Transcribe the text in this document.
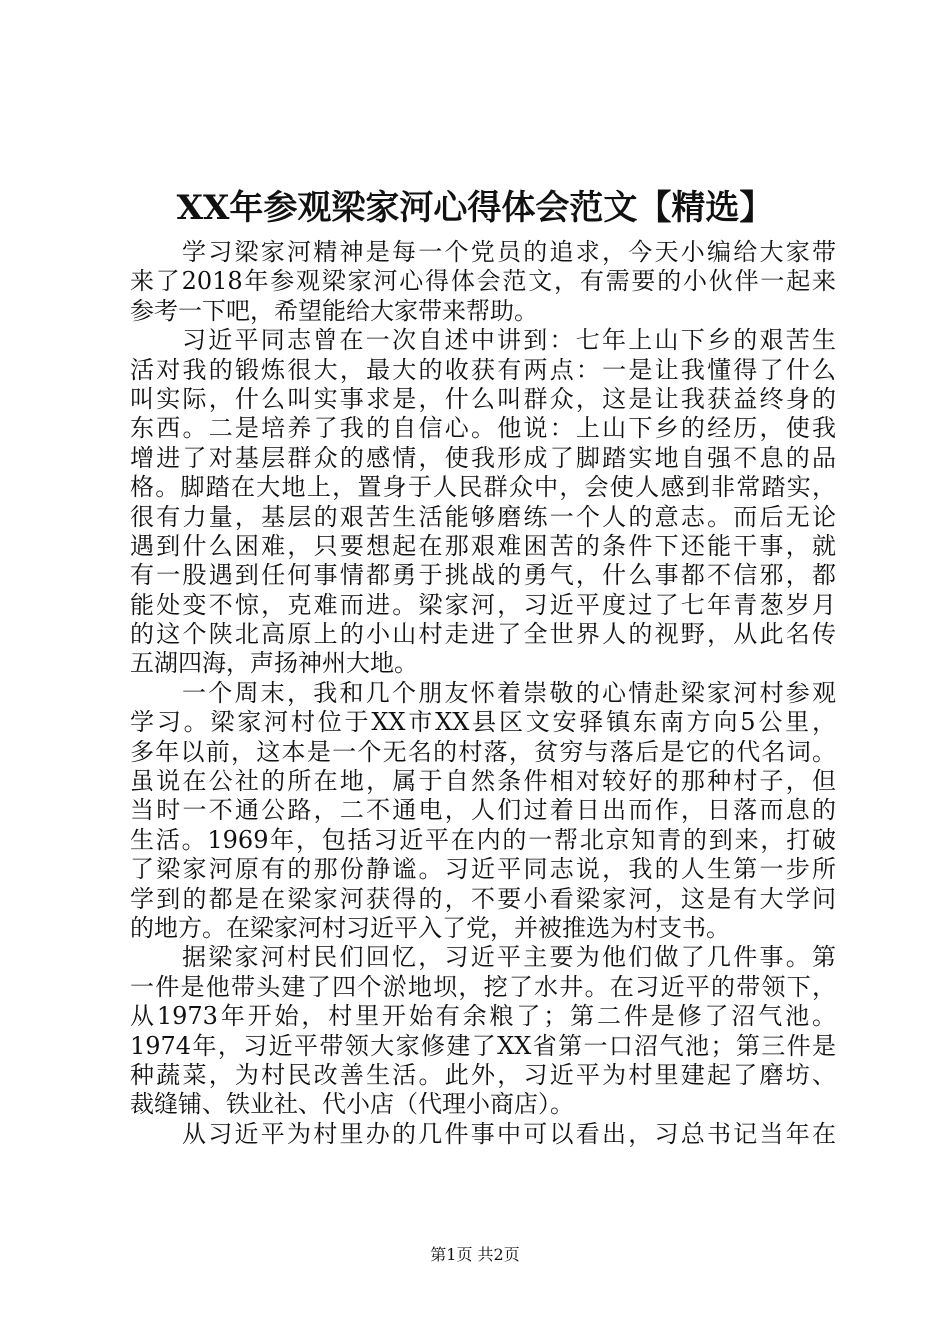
XX年参观梁家河心得体会范文【精选】
学习梁家河精神是每一个党员的追求，今天小编给大家带
来了2018年参观梁家河心得体会范文，有需要的小伙伴一起来
参考一下吧，希望能给大家带来帮助。
习近平同志曾在一次自述中讲到：七年上山下乡的艰苦生
活对我的锻炼很大，最大的收获有两点：一是让我懂得了什么
叫实际，什么叫实事求是，什么叫群众，这是让我获益终身的
东西。二是培养了我的自信心。他说：上山下乡的经历，使我
增进了对基层群众的感情，使我形成了脚踏实地自强不息的品
格。脚踏在大地上，置身于人民群众中，会使人感到非常踏实，
很有力量，基层的艰苦生活能够磨练一个人的意志。而后无论
遇到什么困难，只要想起在那艰难困苦的条件下还能干事，就
有一股遇到任何事情都勇于挑战的勇气，什么事都不信邪，都
能处变不惊，克难而进。梁家河，习近平度过了七年青葱岁月
的这个陕北高原上的小山村走进了全世界人的视野，从此名传
五湖四海，声扬神州大地。
一个周末，我和几个朋友怀着崇敬的心情赴梁家河村参观
学习。梁家河村位于XX市XX县区文安驿镇东南方向5公里，
多年以前，这本是一个无名的村落，贫穷与落后是它的代名词。
虽说在公社的所在地，属于自然条件相对较好的那种村子，但
当时一不通公路，二不通电，人们过着日出而作，日落而息的
生活。1969年，包括习近平在内的一帮北京知青的到来，打破
了梁家河原有的那份静谧。习近平同志说，我的人生第一步所
学到的都是在梁家河获得的，不要小看梁家河，这是有大学问
的地方。在梁家河村习近平入了党，并被推选为村支书。
据梁家河村民们回忆，习近平主要为他们做了几件事。第
一件是他带头建了四个淤地坝，挖了水井。在习近平的带领下，
从1973年开始，村里开始有余粮了；第二件是修了沼气池。
1974年，习近平带领大家修建了XX省第一口沼气池；第三件是
种蔬菜，为村民改善生活。此外，习近平为村里建起了磨坊、
裁缝铺、铁业社、代小店（代理小商店）。
从习近平为村里办的几件事中可以看出，习总书记当年在
第1页 共2页
